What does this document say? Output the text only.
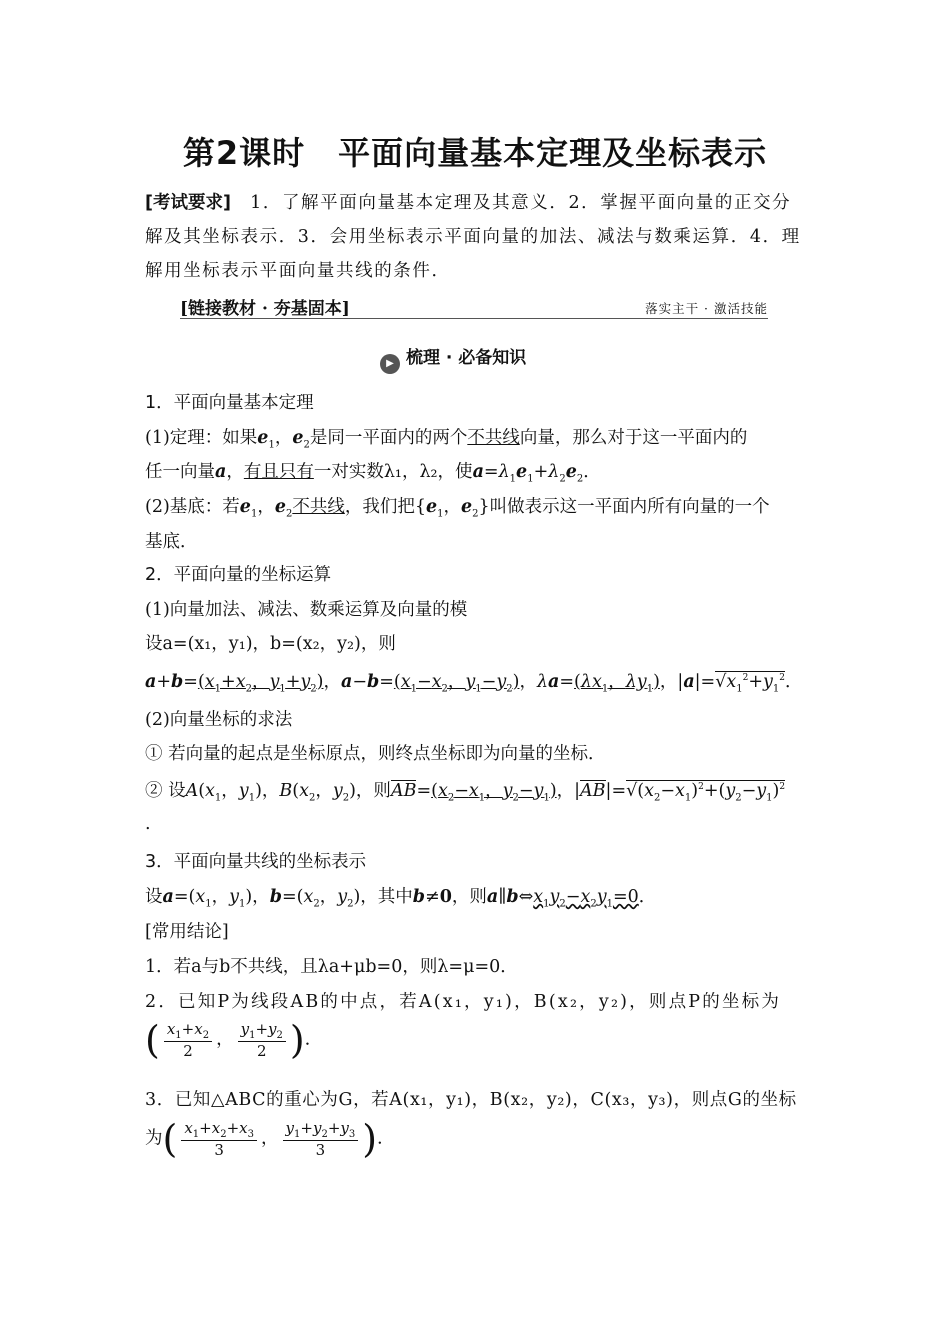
第2课时　平面向量基本定理及坐标表示
[考试要求]　 1．了解平面向量基本定理及其意义．2．掌握平面向量的正交分解及其坐标表示．3．会用坐标表示平面向量的加法、减法与数乘运算．4．理解用坐标表示平面向量共线的条件．
[链接教材 · 夯基固本]	落实主干 · 激活技能
▶ 梳理 · 必备知识
1．平面向量基本定理
(1)定理：如果$e_1$，$e_2$是同一平面内的两个不共线向量，那么对于这一平面内的
任一向量a，有且只有一对实数λ₁，λ₂，使$a=\lambda_1e_1+\lambda_2e_2$．
(2)基底：若$e_1$，$e_2$不共线，我们把{$e_1$，$e_2$}叫做表示这一平面内所有向量的一个
基底．
2．平面向量的坐标运算
(1)向量加法、减法、数乘运算及向量的模
设a=(x₁，y₁)，b=(x₂，y₂)，则
$a+b=(x_1+x_2$，$y_1+y_2$)，$a-b=(x_1-x_2$，$y_1-y_2$)，$\lambda a=(\lambda x_1$，$\lambda y_1$)，$|a|=√x_1^2+y_1^2$．
(2)向量坐标的求法
① 若向量的起点是坐标原点，则终点坐标即为向量的坐标．
② 设$A(x_1$，$y_1$)，$B(x_2$，$y_2$)，则$AB=(x_2-x_1$，$y_2-y_1$)，$|AB|=√(x_2-x_1)^2+(y_2-y_1)^2$
.
3．平面向量共线的坐标表示
设$a=(x_1$，$y_1$)，$b=(x_2$，$y_2$)，其中b≠0，则$a\parallel b\Leftrightarrow x_1y_2-x_2y_1=0$．
[常用结论]
1．若a与b不共线，且λa+μb=0，则λ=μ=0．
2．已知P为线段AB的中点，若A(x₁，y₁)，B(x₂，y₂)，则点P的坐标为
( $\frac{x_1+x_2}{2}$ ， $\frac{y_1+y_2}{2}$ )．
3．已知△ABC的重心为G，若A(x₁，y₁)，B(x₂，y₂)，C(x₃，y₃)，则点G的坐标
为( $\frac{x_1+x_2+x_3}{3}$ ， $\frac{y_1+y_2+y_3}{3}$ )．
